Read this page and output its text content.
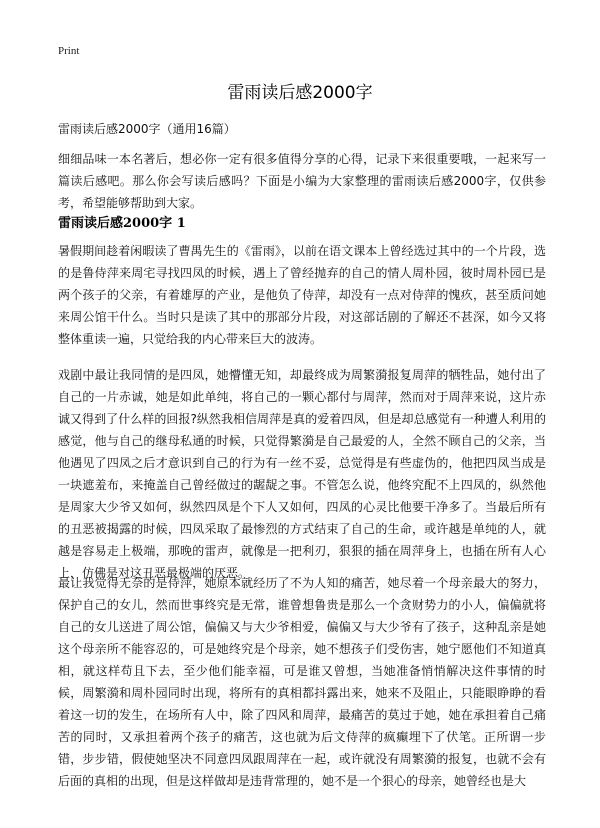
Print
雷雨读后感2000字
雷雨读后感2000字（通用16篇）

细细品味一本名著后，想必你一定有很多值得分享的心得，记录下来很重要哦，一起来写一篇读后感吧。那么你会写读后感吗？下面是小编为大家整理的雷雨读后感2000字，仅供参考，希望能够帮助到大家。

雷雨读后感2000字 1

暑假期间趁着闲暇读了曹禺先生的《雷雨》，以前在语文课本上曾经选过其中的一个片段，选的是鲁侍萍来周宅寻找四凤的时候，遇上了曾经抛弃的自己的情人周朴园，彼时周朴园已是两个孩子的父亲，有着雄厚的产业，是他负了侍萍，却没有一点对侍萍的愧疚，甚至质问她来周公馆干什么。当时只是读了其中的那部分片段，对这部话剧的了解还不甚深，如今又将整体重读一遍，只觉给我的内心带来巨大的波涛。

戏剧中最让我同情的是四凤，她懵懂无知，却最终成为周繁漪报复周萍的牺牲品，她付出了自己的一片赤诚，她是如此单纯，将自己的一颗心都付与周萍，然而对于周萍来说，这片赤诚又得到了什么样的回报?纵然我相信周萍是真的爱着四凤，但是却总感觉有一种遭人利用的感觉，他与自己的继母私通的时候，只觉得繁漪是自己最爱的人，全然不顾自己的父亲，当他遇见了四凤之后才意识到自己的行为有一丝不妥，总觉得是有些虚伪的，他把四凤当成是一块遮羞布，来掩盖自己曾经做过的龌龊之事。不管怎么说，他终究配不上四凤的，纵然他是周家大少爷又如何，纵然四凤是个下人又如何，四凤的心灵比他要干净多了。当最后所有的丑恶被揭露的时候，四凤采取了最惨烈的方式结束了自己的生命，或许越是单纯的人，就越是容易走上极端，那晚的雷声，就像是一把利刃，狠狠的插在周萍身上，也插在所有人心上，仿佛是对这丑恶最极端的厌恶。

最让我觉得无奈的是侍萍，她原本就经历了不为人知的痛苦，她尽着一个母亲最大的努力，保护自己的女儿，然而世事终究是无常，谁曾想鲁贵是那么一个贪财势力的小人，偏偏就将自己的女儿送进了周公馆，偏偏又与大少爷相爱，偏偏又与大少爷有了孩子，这种乱亲是她这个母亲所不能容忍的，可是她终究是个母亲，她不想孩子们受伤害，她宁愿他们不知道真相，就这样苟且下去，至少他们能幸福，可是谁又曾想，当她准备悄悄解决这件事情的时候，周繁漪和周朴园同时出现，将所有的真相都抖露出来，她来不及阻止，只能眼睁睁的看着这一切的发生，在场所有人中，除了四风和周萍，最痛苦的莫过于她，她在承担着自己痛苦的同时，又承担着两个孩子的痛苦，这也就为后文侍萍的疯癫埋下了伏笔。正所谓一步错，步步错，假使她坚决不同意四凤跟周萍在一起，或许就没有周繁漪的报复，也就不会有后面的真相的出现，但是这样做却是违背常理的，她不是一个狠心的母亲，她曾经也是大
